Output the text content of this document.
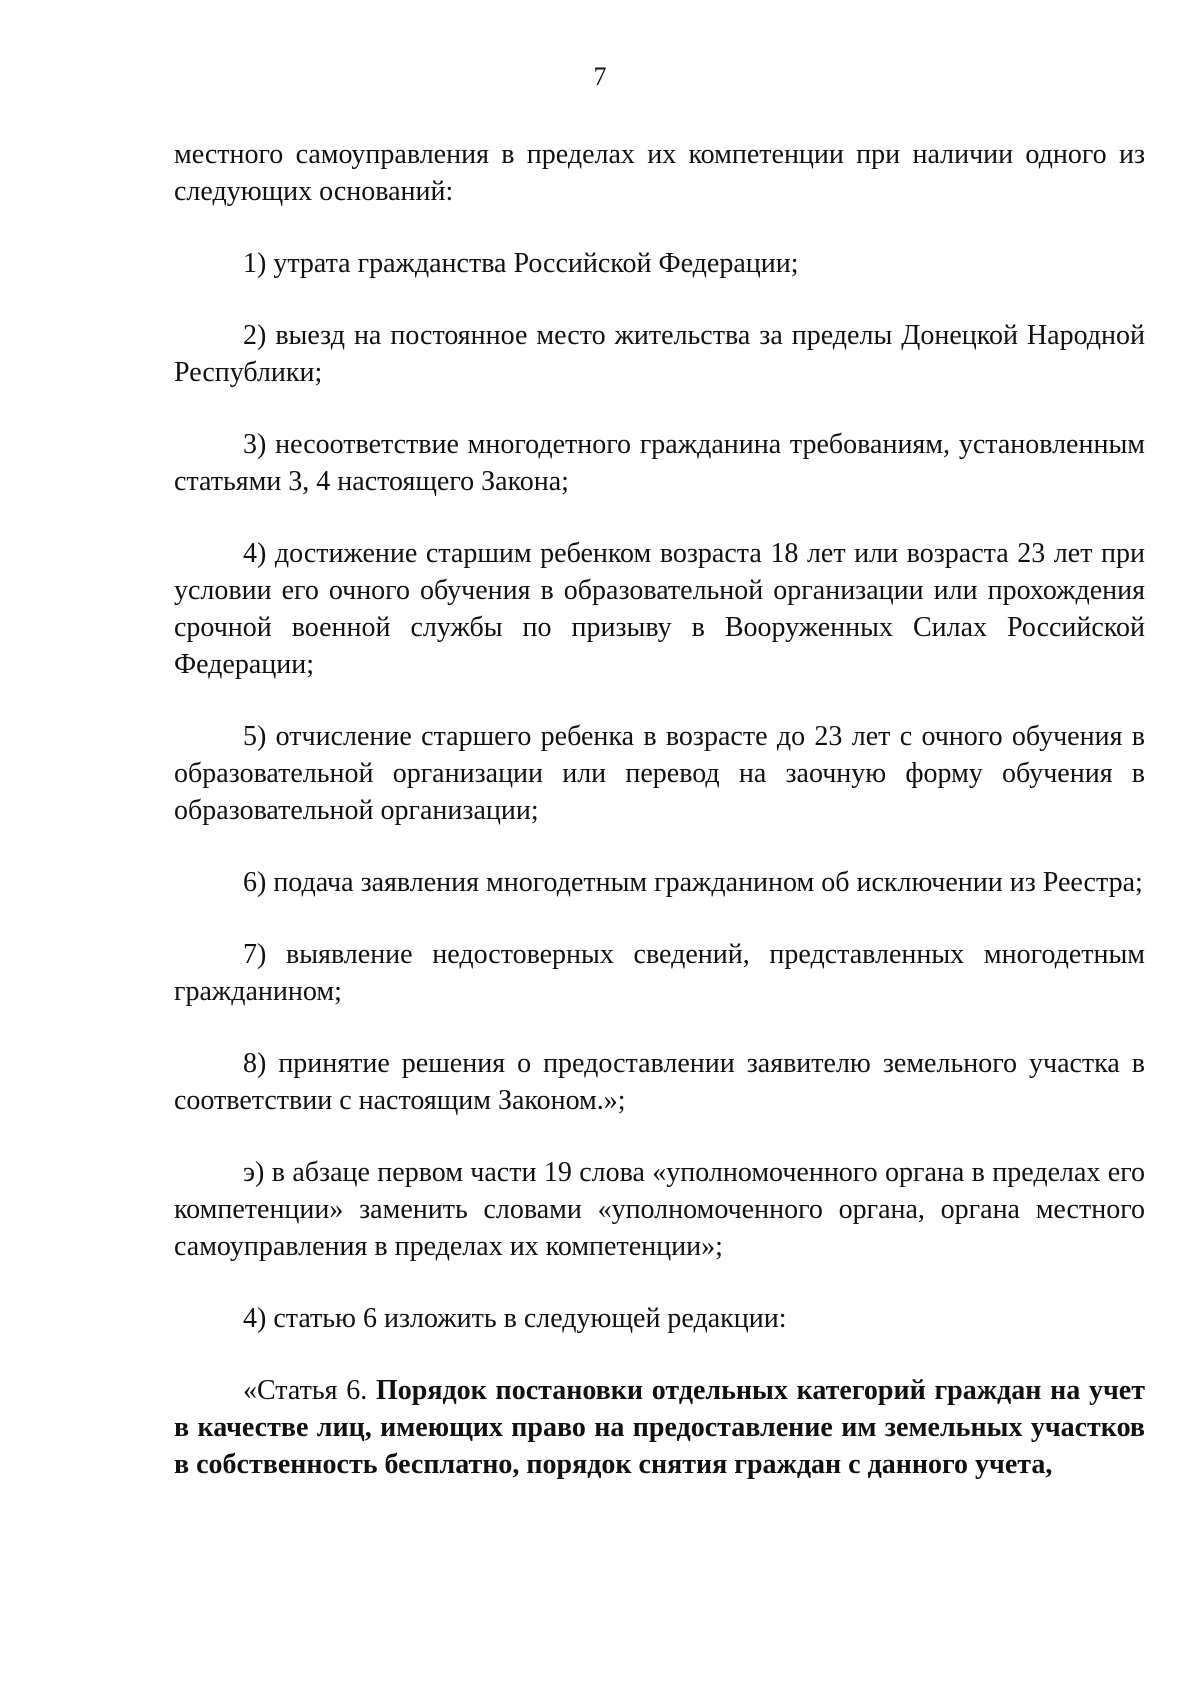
7

местного самоуправления в пределах их компетенции при наличии одного из следующих оснований:

1) утрата гражданства Российской Федерации;

2) выезд на постоянное место жительства за пределы Донецкой Народной Республики;

3) несоответствие многодетного гражданина требованиям, установленным статьями 3, 4 настоящего Закона;

4) достижение старшим ребенком возраста 18 лет или возраста 23 лет при условии его очного обучения в образовательной организации или прохождения срочной военной службы по призыву в Вооруженных Силах Российской Федерации;

5) отчисление старшего ребенка в возрасте до 23 лет с очного обучения в образовательной организации или перевод на заочную форму обучения в образовательной организации;

6) подача заявления многодетным гражданином об исключении из Реестра;

7) выявление недостоверных сведений, представленных многодетным гражданином;

8) принятие решения о предоставлении заявителю земельного участка в соответствии с настоящим Законом.»;

э) в абзаце первом части 19 слова «уполномоченного органа в пределах его компетенции» заменить словами «уполномоченного органа, органа местного самоуправления в пределах их компетенции»;

4) статью 6 изложить в следующей редакции:

«Статья 6. Порядок постановки отдельных категорий граждан на учет в качестве лиц, имеющих право на предоставление им земельных участков в собственность бесплатно, порядок снятия граждан с данного учета,
